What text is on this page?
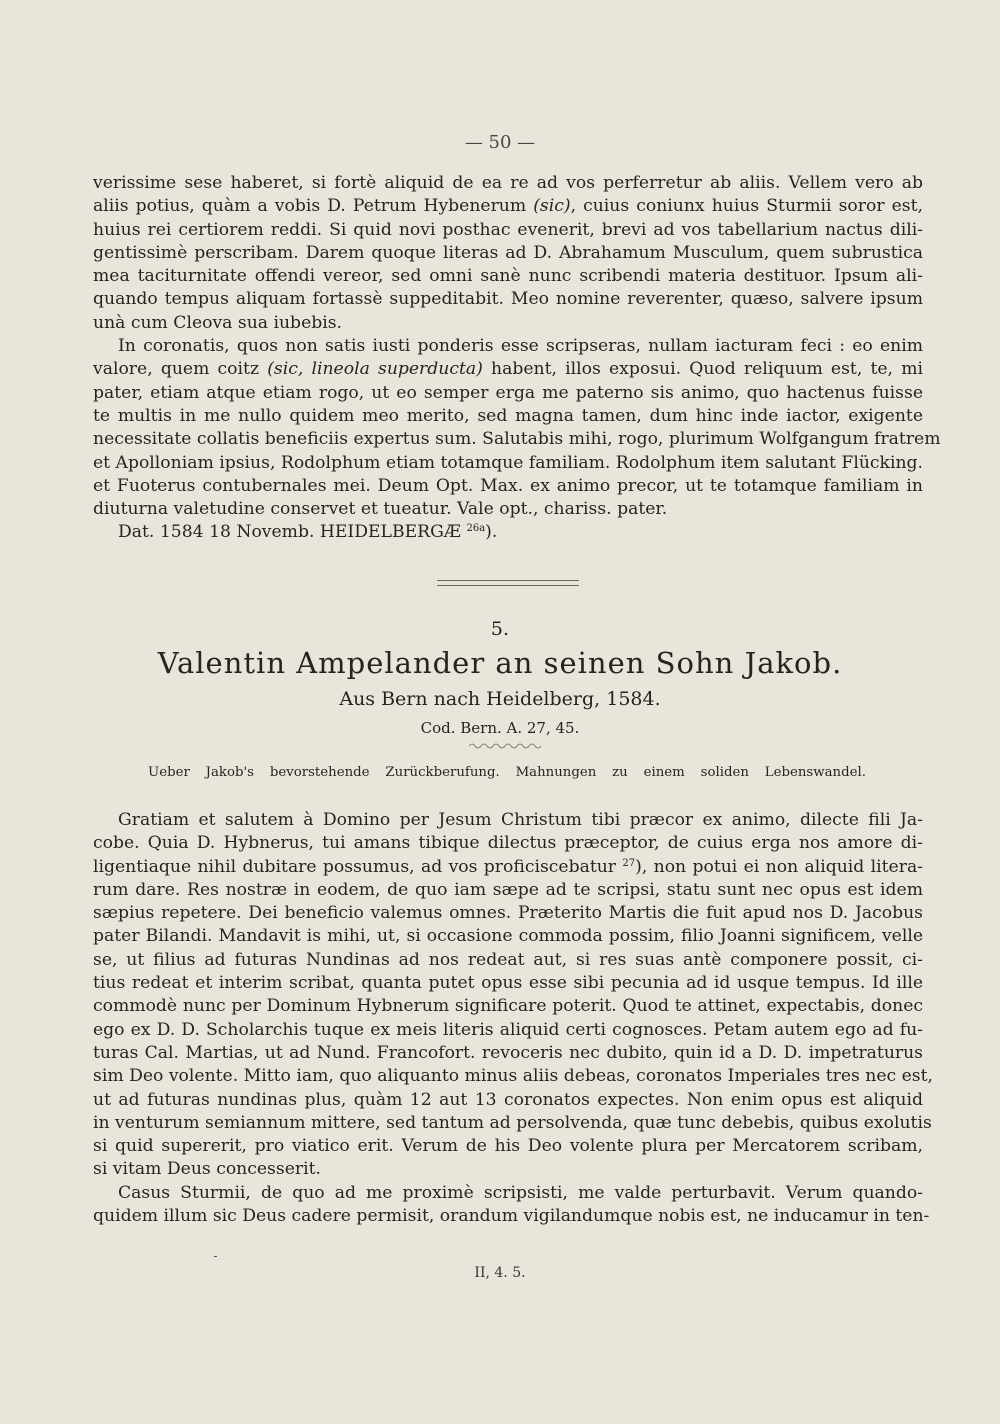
— 50 —
verissime sese haberet, si fortè aliquid de ea re ad vos perferretur ab aliis. Vellem vero ab
aliis potius, quàm a vobis D. Petrum Hybenerum (sic), cuius coniunx huius Sturmii soror est,
huius rei certiorem reddi. Si quid novi posthac evenerit, brevi ad vos tabellarium nactus dili-
gentissimè perscribam. Darem quoque literas ad D. Abrahamum Musculum, quem subrustica
mea taciturnitate offendi vereor, sed omni sanè nunc scribendi materia destituor. Ipsum ali-
quando tempus aliquam fortassè suppeditabit. Meo nomine reverenter, quæso, salvere ipsum
unà cum Cleova sua iubebis.
In coronatis, quos non satis iusti ponderis esse scripseras, nullam iacturam feci : eo enim
valore, quem coitz (sic, lineola superducta) habent, illos exposui. Quod reliquum est, te, mi
pater, etiam atque etiam rogo, ut eo semper erga me paterno sis animo, quo hactenus fuisse
te multis in me nullo quidem meo merito, sed magna tamen, dum hinc inde iactor, exigente
necessitate collatis beneficiis expertus sum. Salutabis mihi, rogo, plurimum Wolfgangum fratrem
et Apolloniam ipsius, Rodolphum etiam totamque familiam. Rodolphum item salutant Flücking.
et Fuoterus contubernales mei. Deum Opt. Max. ex animo precor, ut te totamque familiam in
diuturna valetudine conservet et tueatur. Vale opt., chariss. pater.
Dat. 1584 18 Novemb. HEIDELBERGÆ $^{26a}$).
5.
Valentin Ampelander an seinen Sohn Jakob.
Aus Bern nach Heidelberg, 1584.
Cod. Bern. A. 27, 45.
Ueber Jakob's bevorstehende Zurückberufung. Mahnungen zu einem soliden Lebenswandel.
Gratiam et salutem à Domino per Jesum Christum tibi præcor ex animo, dilecte fili Ja-
cobe. Quia D. Hybnerus, tui amans tibique dilectus præceptor, de cuius erga nos amore di-
ligentiaque nihil dubitare possumus, ad vos proficiscebatur $^{27}$), non potui ei non aliquid litera-
rum dare. Res nostræ in eodem, de quo iam sæpe ad te scripsi, statu sunt nec opus est idem
sæpius repetere. Dei beneficio valemus omnes. Præterito Martis die fuit apud nos D. Jacobus
pater Bilandi. Mandavit is mihi, ut, si occasione commoda possim, filio Joanni significem, velle
se, ut filius ad futuras Nundinas ad nos redeat aut, si res suas antè componere possit, ci-
tius redeat et interim scribat, quanta putet opus esse sibi pecunia ad id usque tempus. Id ille
commodè nunc per Dominum Hybnerum significare poterit. Quod te attinet, expectabis, donec
ego ex D. D. Scholarchis tuque ex meis literis aliquid certi cognosces. Petam autem ego ad fu-
turas Cal. Martias, ut ad Nund. Francofort. revoceris nec dubito, quin id a D. D. impetraturus
sim Deo volente. Mitto iam, quo aliquanto minus aliis debeas, coronatos Imperiales tres nec est,
ut ad futuras nundinas plus, quàm 12 aut 13 coronatos expectes. Non enim opus est aliquid
in venturum semiannum mittere, sed tantum ad persolvenda, quæ tunc debebis, quibus exolutis
si quid supererit, pro viatico erit. Verum de his Deo volente plura per Mercatorem scribam,
si vitam Deus concesserit.
Casus Sturmii, de quo ad me proximè scripsisti, me valde perturbavit. Verum quando-
quidem illum sic Deus cadere permisit, orandum vigilandumque nobis est, ne inducamur in ten-
II, 4. 5.
